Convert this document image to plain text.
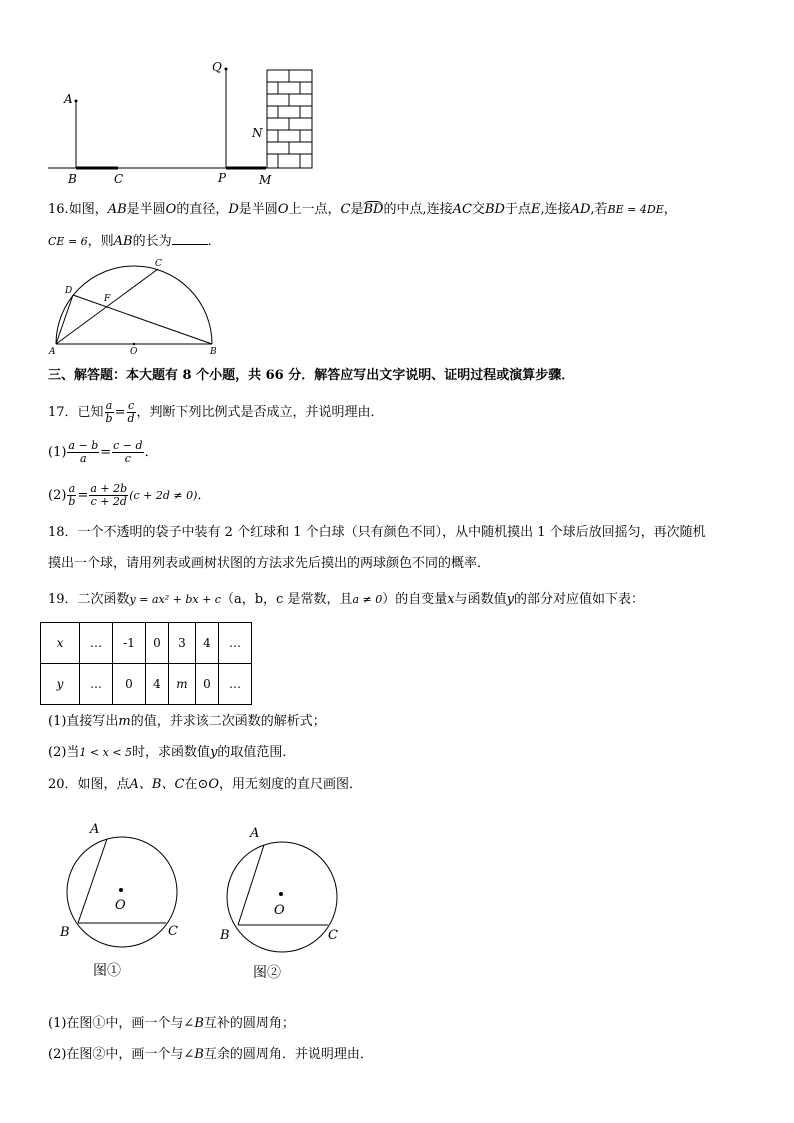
A
B	C
Q
P
N
M
16.如图，AB是半圆O的直径，D是半圆O上一点，C是BD的中点,连接AC交BD于点E,连接AD,若BE = 4DE，
CE = 6，则AB的长为	．
A	B
C
D
F
O
三、解答题：本大题有 8 个小题，共 66 分．解答应写出文字说明、证明过程或演算步骤．
17．已知 $\frac{a}{b} = \frac{c}{d}$ ，判断下列比例式是否成立，并说明理由．
$(1) \frac{a - b}{a} = \frac{c - d}{c}$ ．
$(2) \frac{a}{b} = \frac{a + 2b}{c + 2d} (c + 2d \ne 0)$．
18．一个不透明的袋子中装有 2 个红球和 1 个白球（只有颜色不同），从中随机摸出 1 个球后放回摇匀，再次随机
摸出一个球，请用列表或画树状图的方法求先后摸出的两球颜色不同的概率．
19．二次函数y = ax² + bx + c（a，b，c 是常数，且a ≠ 0）的自变量x与函数值y的部分对应值如下表：
x	…	-1	0	3	4	…
y	…	0	4	m	0	…
(1)直接写出m的值，并求该二次函数的解析式；
(2)当1 < x < 5时，求函数值y的取值范围．
20．如图，点A、B、C在⊙O，用无刻度的直尺画图．
A
B	C
O
图①
A
B	C
O
图②
(1)在图①中，画一个与∠B互补的圆周角；
(2)在图②中，画一个与∠B互余的圆周角．并说明理由．
